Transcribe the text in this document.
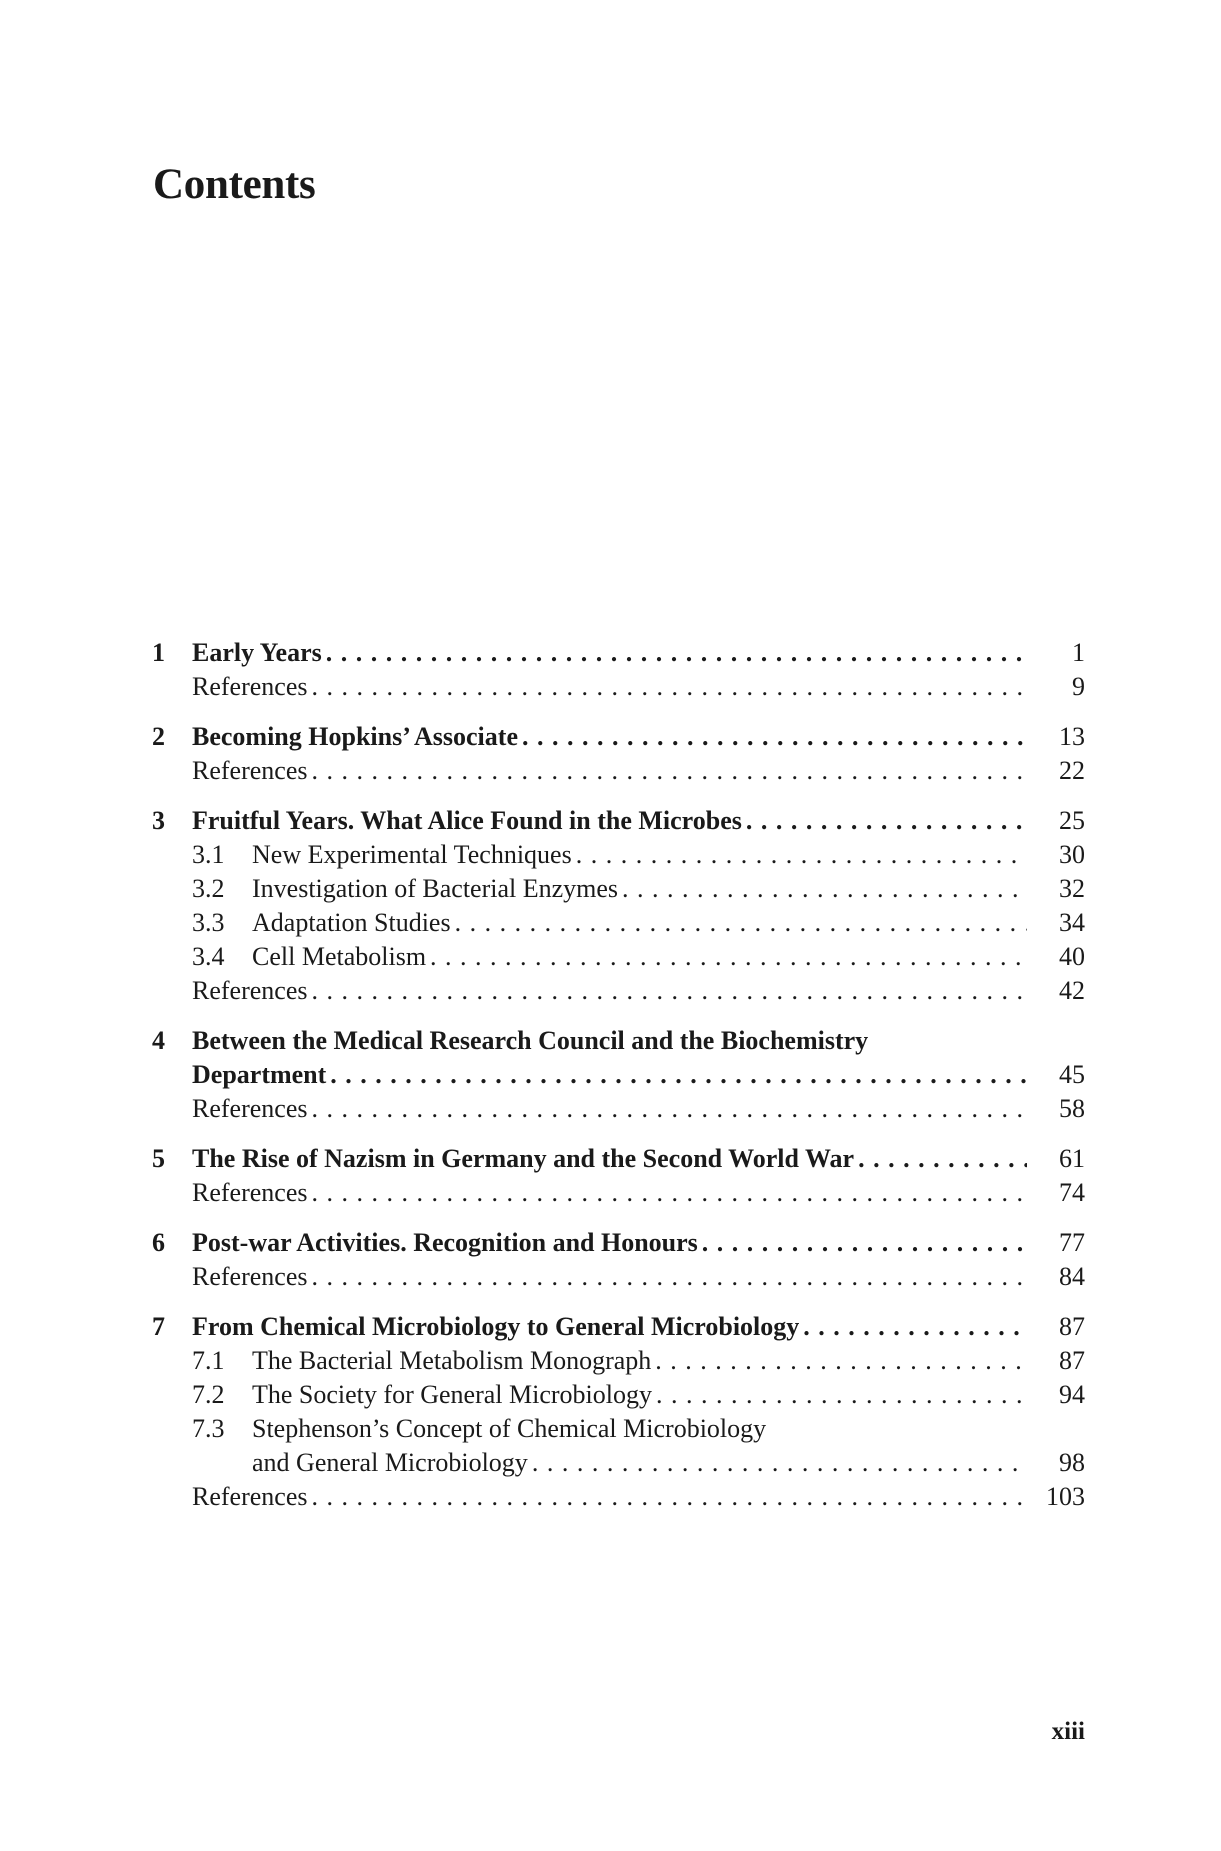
Contents
1	Early Years . . .	1
References . . .	9
2	Becoming Hopkins’ Associate . . .	13
References . . .	22
3	Fruitful Years. What Alice Found in the Microbes . . .	25
3.1	New Experimental Techniques . . .	30
3.2	Investigation of Bacterial Enzymes . . .	32
3.3	Adaptation Studies . . .	34
3.4	Cell Metabolism . . .	40
References . . .	42
4	Between the Medical Research Council and the Biochemistry
Department . . .	45
References . . .	58
5	The Rise of Nazism in Germany and the Second World War . . .	61
References . . .	74
6	Post-war Activities. Recognition and Honours . . .	77
References . . .	84
7	From Chemical Microbiology to General Microbiology . . .	87
7.1	The Bacterial Metabolism Monograph . . .	87
7.2	The Society for General Microbiology . . .	94
7.3	Stephenson’s Concept of Chemical Microbiology
and General Microbiology . . .	98
References . . .	103
xiii
